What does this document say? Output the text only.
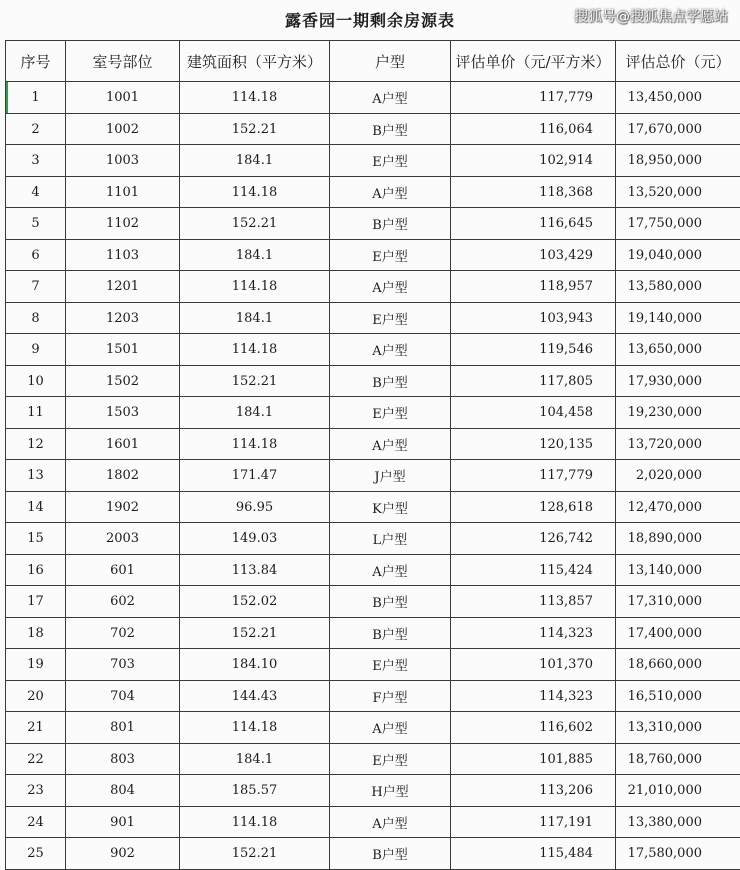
露香园一期剩余房源表	搜狐号@搜狐焦点学愿站
序号	室号部位	建筑面积（平方米）	户型	评估单价（元/平方米）	评估总价（元）
1	1001	114.18	A户型	117,779	13,450,000
2	1002	152.21	B户型	116,064	17,670,000
3	1003	184.1	E户型	102,914	18,950,000
4	1101	114.18	A户型	118,368	13,520,000
5	1102	152.21	B户型	116,645	17,750,000
6	1103	184.1	E户型	103,429	19,040,000
7	1201	114.18	A户型	118,957	13,580,000
8	1203	184.1	E户型	103,943	19,140,000
9	1501	114.18	A户型	119,546	13,650,000
10	1502	152.21	B户型	117,805	17,930,000
11	1503	184.1	E户型	104,458	19,230,000
12	1601	114.18	A户型	120,135	13,720,000
13	1802	171.47	J户型	117,779	2,020,000
14	1902	96.95	K户型	128,618	12,470,000
15	2003	149.03	L户型	126,742	18,890,000
16	601	113.84	A户型	115,424	13,140,000
17	602	152.02	B户型	113,857	17,310,000
18	702	152.21	B户型	114,323	17,400,000
19	703	184.10	E户型	101,370	18,660,000
20	704	144.43	F户型	114,323	16,510,000
21	801	114.18	A户型	116,602	13,310,000
22	803	184.1	E户型	101,885	18,760,000
23	804	185.57	H户型	113,206	21,010,000
24	901	114.18	A户型	117,191	13,380,000
25	902	152.21	B户型	115,484	17,580,000
